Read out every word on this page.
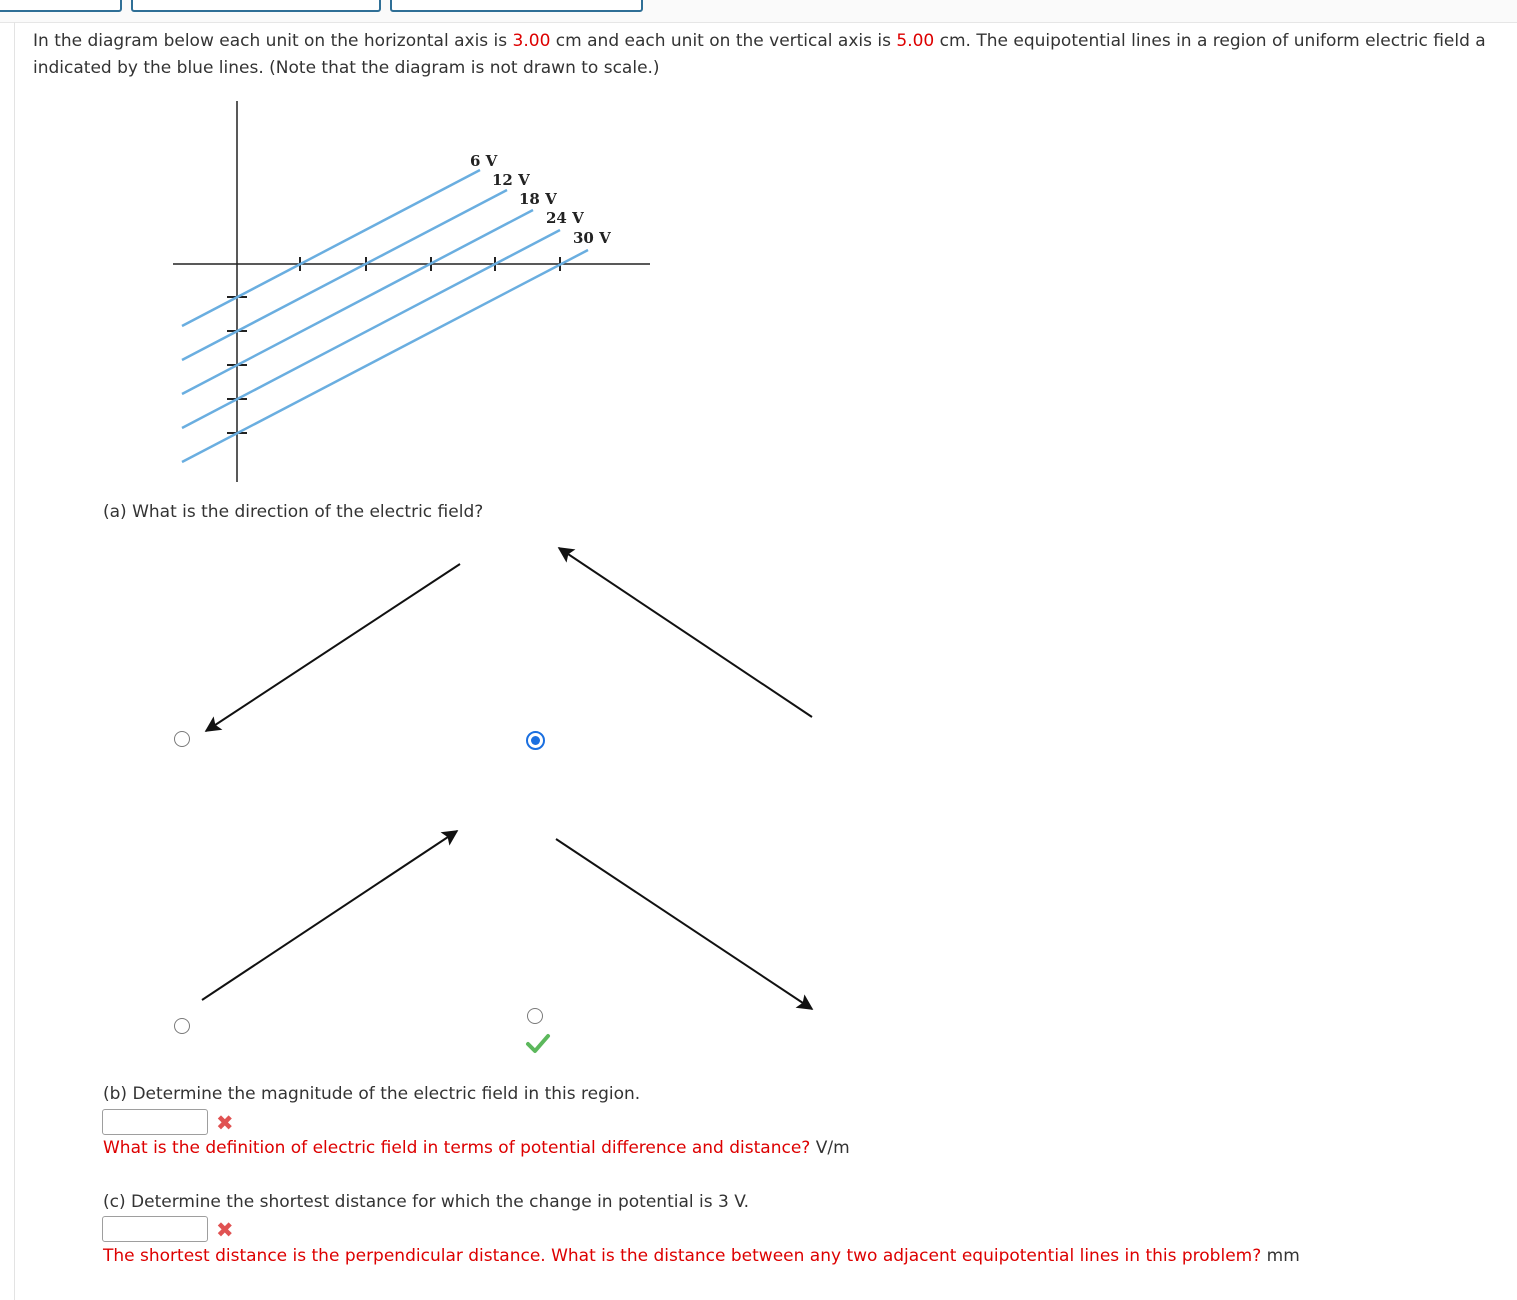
In the diagram below each unit on the horizontal axis is 3.00 cm and each unit on the vertical axis is 5.00 cm. The equipotential lines in a region of uniform electric field a
indicated by the blue lines. (Note that the diagram is not drawn to scale.)
6 V
12 V
18 V
24 V
30 V
(a) What is the direction of the electric field?
(b) Determine the magnitude of the electric field in this region.
✖
What is the definition of electric field in terms of potential difference and distance? V/m
(c) Determine the shortest distance for which the change in potential is 3 V.
✖
The shortest distance is the perpendicular distance. What is the distance between any two adjacent equipotential lines in this problem? mm
